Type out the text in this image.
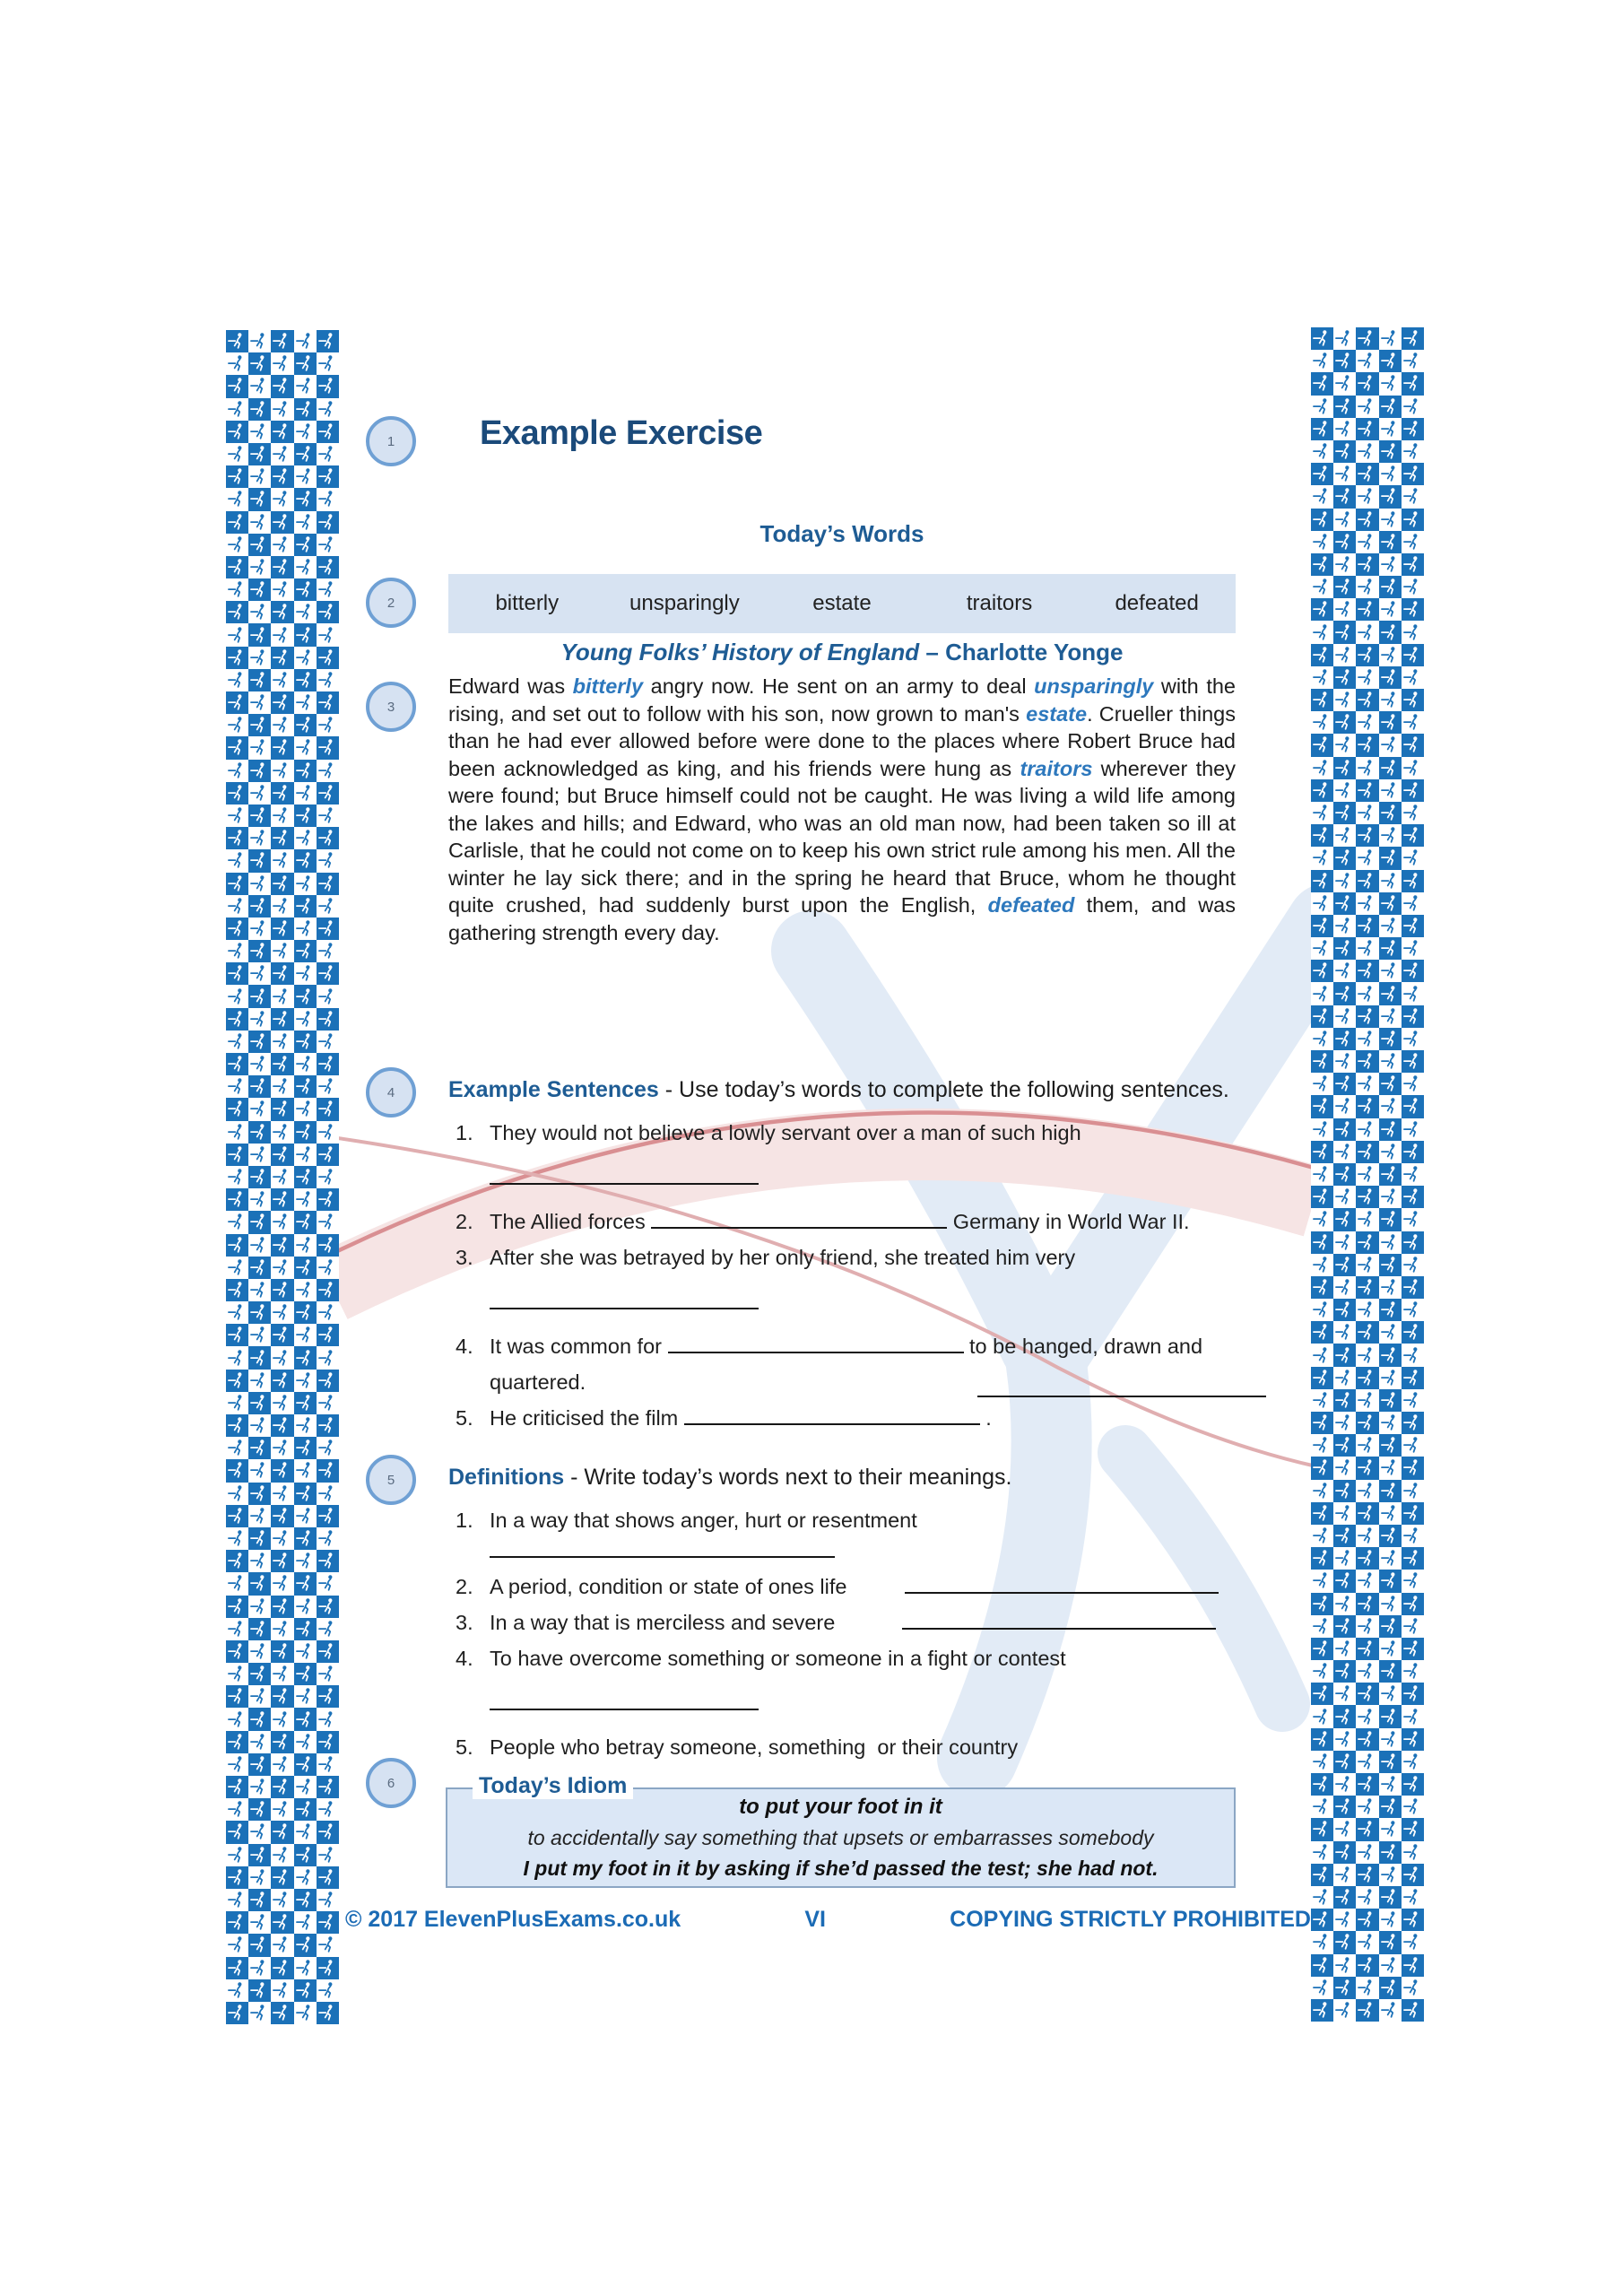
1
2
3
4
5
6
Example Exercise
Today’s Words
bitterly	unsparingly	estate	traitors	defeated
Young Folks’ History of England – Charlotte Yonge

Edward was bitterly angry now. He sent on an army to deal unsparingly with the rising, and set out to follow with his son, now grown to man's estate. Crueller things than he had ever allowed before were done to the places where Robert Bruce had been acknowledged as king, and his friends were hung as traitors wherever they were found; but Bruce himself could not be caught. He was living a wild life among the lakes and hills; and Edward, who was an old man now, had been taken so ill at Carlisle, that he could not come on to keep his own strict rule among his men. All the winter he lay sick there; and in the spring he heard that Bruce, whom he thought quite crushed, had suddenly burst upon the English, defeated them, and was gathering strength every day.

Example Sentences - Use today’s words to complete the following sentences.
1. They would not believe a lowly servant over a man of such high
2. The Allied forces	Germany in World War II.
3. After she was betrayed by her only friend, she treated him very
4. It was common for	to be hanged, drawn and
quartered.
5. He criticised the film	.
Definitions - Write today’s words next to their meanings.
1. In a way that shows anger, hurt or resentment
2. A period, condition or state of ones life
3. In a way that is merciless and severe
4. To have overcome something or someone in a fight or contest
5. People who betray someone, something  or their country
Today’s Idiom
to put your foot in it
to accidentally say something that upsets or embarrasses somebody
I put my foot in it by asking if she’d passed the test; she had not.
© 2017 ElevenPlusExams.co.uk	VI	COPYING STRICTLY PROHIBITED
